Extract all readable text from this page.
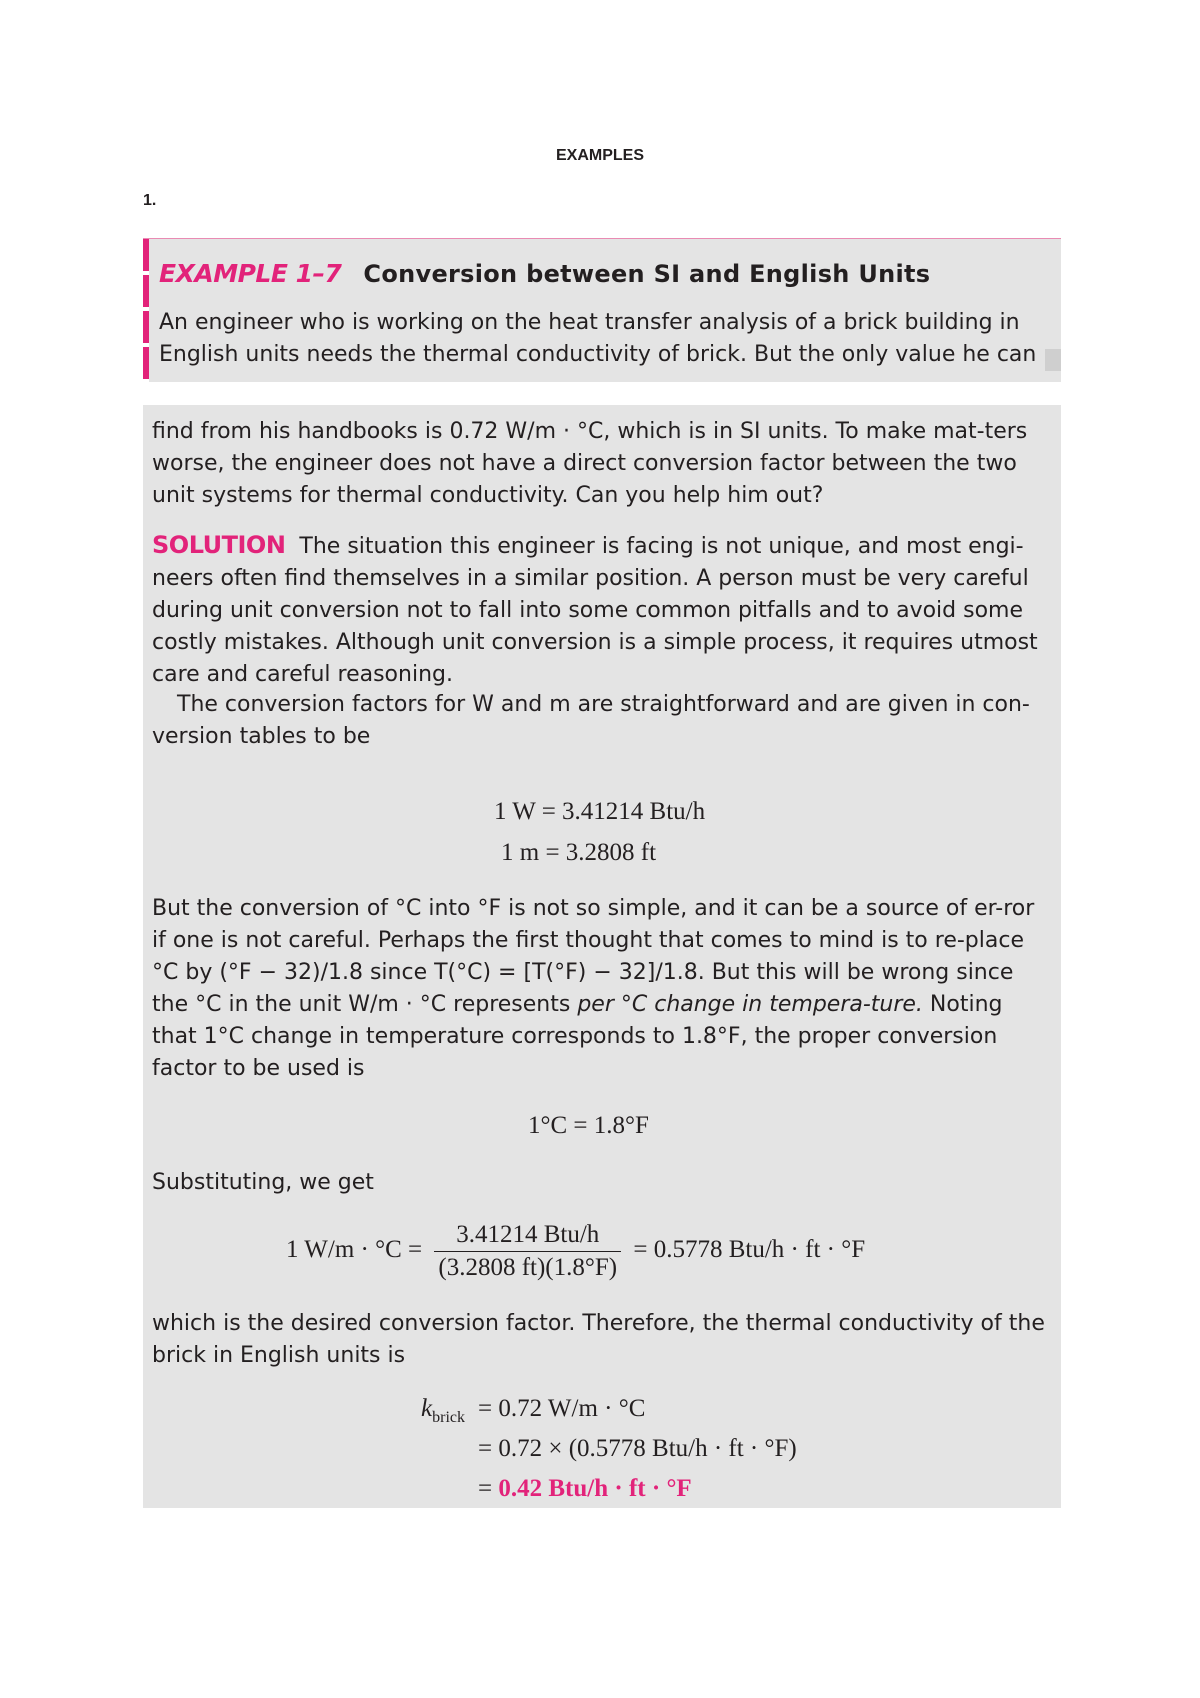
EXAMPLES
1.
EXAMPLE 1–7 Conversion between SI and English Units

An engineer who is working on the heat transfer analysis of a brick building in English units needs the thermal conductivity of brick. But the only value he can

find from his handbooks is 0.72 W/m · °C, which is in SI units. To make mat-ters worse, the engineer does not have a direct conversion factor between the two unit systems for thermal conductivity. Can you help him out?

SOLUTION The situation this engineer is facing is not unique, and most engi-neers often find themselves in a similar position. A person must be very careful during unit conversion not to fall into some common pitfalls and to avoid some costly mistakes. Although unit conversion is a simple process, it requires utmost care and careful reasoning.

The conversion factors for W and m are straightforward and are given in con-version tables to be

1 W = 3.41214 Btu/h
1 m = 3.2808 ft

But the conversion of °C into °F is not so simple, and it can be a source of er-ror if one is not careful. Perhaps the first thought that comes to mind is to re-place °C by (°F − 32)/1.8 since T(°C) = [T(°F) − 32]/1.8. But this will be wrong since the °C in the unit W/m · °C represents per °C change in tempera-ture. Noting that 1°C change in temperature corresponds to 1.8°F, the proper conversion factor to be used is

1°C = 1.8°F

Substituting, we get

1 $W/m \cdot ^\circ C = \frac{\text{3.41214 Btu/h}}{(3.2808 ft)(1.8^\circ F)} = 0.5778$ Btu/h · ft · °F

which is the desired conversion factor. Therefore, the thermal conductivity of the brick in English units is

$k_{brick} = 0.72$ W/m · °C
= 0.72 × (0.5778 Btu/h · ft · °F)
= 0.42 Btu/h · ft · °F
